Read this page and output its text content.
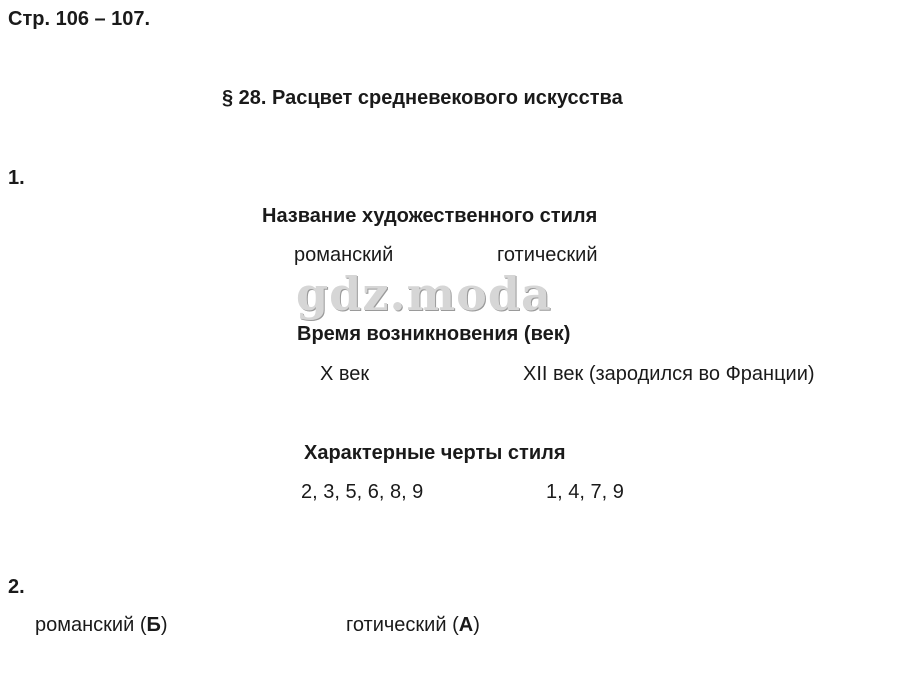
Стр. 106 – 107.
§ 28. Расцвет средневекового искусства
1.
Название художественного стиля
романский	готический
gdz.moda
Время возникновения (век)
X век	XII век (зародился во Франции)
Характерные черты стиля
2, 3, 5, 6, 8, 9	1, 4, 7, 9
2.
романский (Б)	готический (А)
